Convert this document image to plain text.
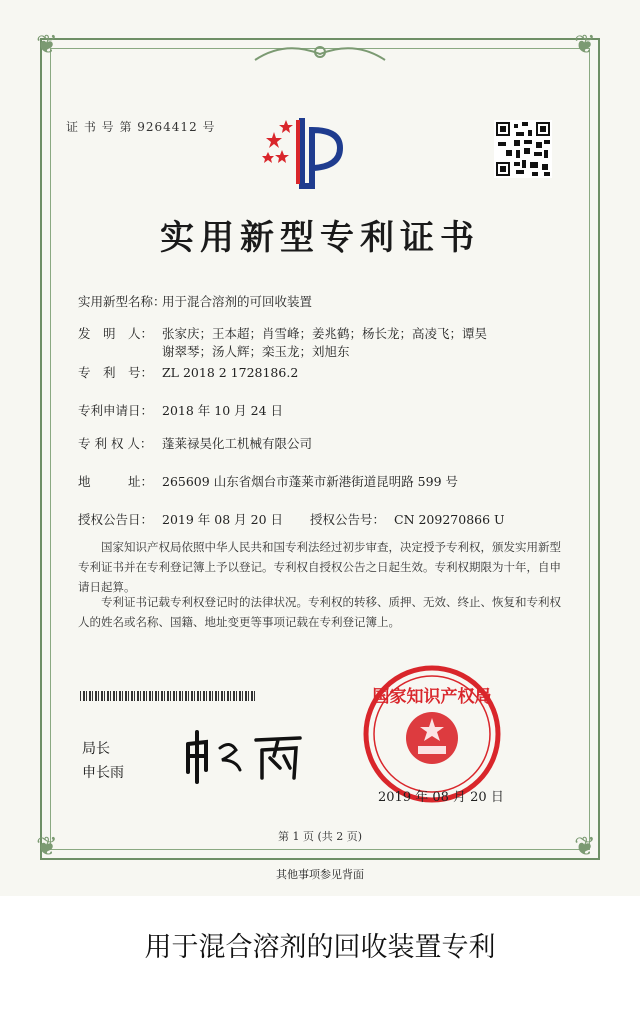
❦	❦
❦	❦
证 书 号 第 9264412 号
实用新型专利证书
实用新型名称：用于混合溶剂的可回收装置
发　明　人： 张家庆；王本超；肖雪峰；姜兆鹤；杨长龙；高凌飞；谭昊
谢翠琴；汤人辉；栾玉龙；刘旭东
专　利　号： ZL 2018 2 1728186.2
专利申请日： 2018 年 10 月 24 日
专 利 权 人： 蓬莱禄昊化工机械有限公司
地　　　址： 265609 山东省烟台市蓬莱市新港街道昆明路 599 号
授权公告日： 2019 年 08 月 20 日 授权公告号： CN 209270866 U
国家知识产权局依照中华人民共和国专利法经过初步审查，决定授予专利权，颁发实用新型专利证书并在专利登记簿上予以登记。专利权自授权公告之日起生效。专利权期限为十年，自申请日起算。
专利证书记载专利权登记时的法律状况。专利权的转移、质押、无效、终止、恢复和专利权人的姓名或名称、国籍、地址变更等事项记载在专利登记簿上。
局长
申长雨
国家知识产权局
2019 年 08 月 20 日
第 1 页 (共 2 页)
其他事项参见背面
用于混合溶剂的回收装置专利
